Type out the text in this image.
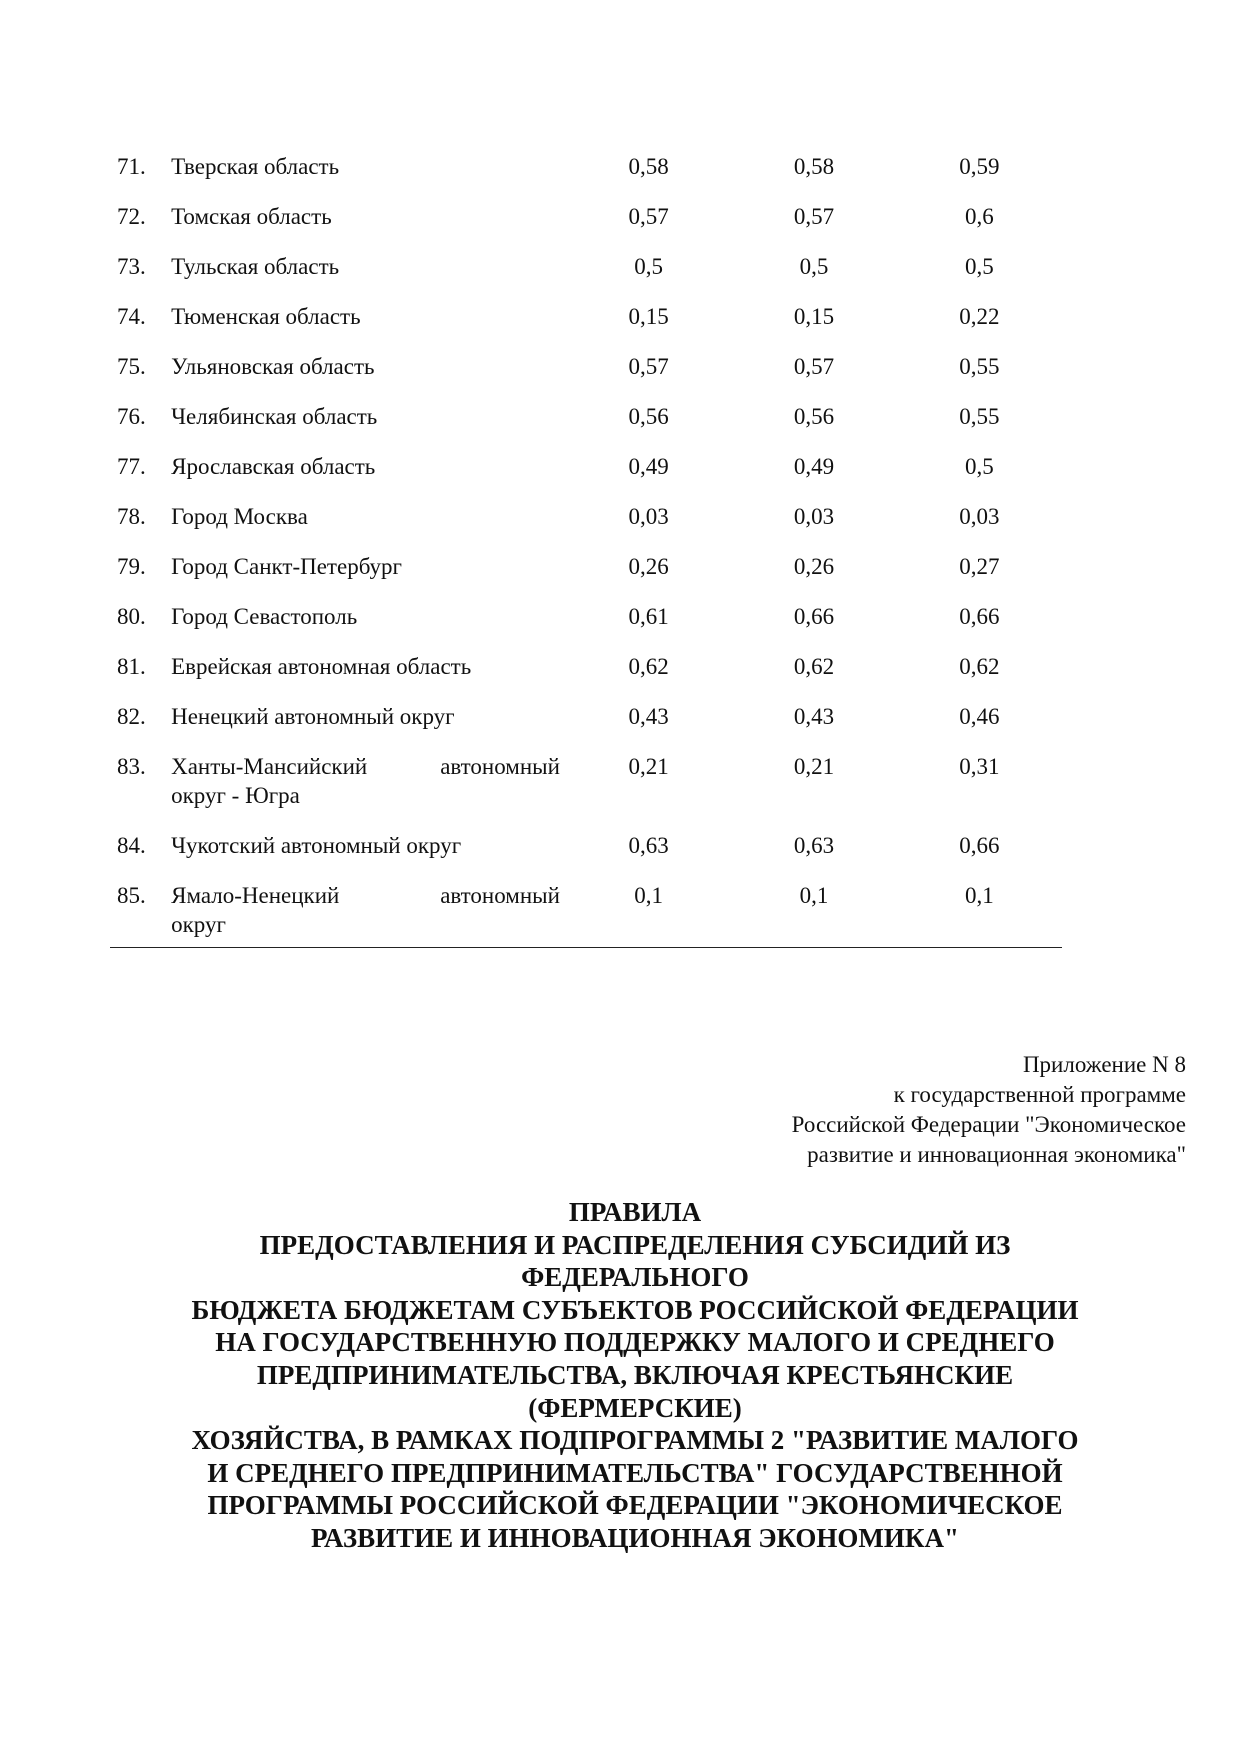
71.	Тверская область	0,58	0,58	0,59
72.	Томская область	0,57	0,57	0,6
73.	Тульская область	0,5	0,5	0,5
74.	Тюменская область	0,15	0,15	0,22
75.	Ульяновская область	0,57	0,57	0,55
76.	Челябинская область	0,56	0,56	0,55
77.	Ярославская область	0,49	0,49	0,5
78.	Город Москва	0,03	0,03	0,03
79.	Город Санкт-Петербург	0,26	0,26	0,27
80.	Город Севастополь	0,61	0,66	0,66
81.	Еврейская автономная область	0,62	0,62	0,62
82.	Ненецкий автономный округ	0,43	0,43	0,46
83.	Ханты-Мансийский автономный
округ - Югра	0,21	0,21	0,31
84.	Чукотский автономный округ	0,63	0,63	0,66
85.	Ямало-Ненецкий автономный
округ	0,1	0,1	0,1
Приложение N 8
к государственной программе
Российской Федерации "Экономическое
развитие и инновационная экономика"
ПРАВИЛА
ПРЕДОСТАВЛЕНИЯ И РАСПРЕДЕЛЕНИЯ СУБСИДИЙ ИЗ
ФЕДЕРАЛЬНОГО
БЮДЖЕТА БЮДЖЕТАМ СУБЪЕКТОВ РОССИЙСКОЙ ФЕДЕРАЦИИ
НА ГОСУДАРСТВЕННУЮ ПОДДЕРЖКУ МАЛОГО И СРЕДНЕГО
ПРЕДПРИНИМАТЕЛЬСТВА, ВКЛЮЧАЯ КРЕСТЬЯНСКИЕ
(ФЕРМЕРСКИЕ)
ХОЗЯЙСТВА, В РАМКАХ ПОДПРОГРАММЫ 2 "РАЗВИТИЕ МАЛОГО
И СРЕДНЕГО ПРЕДПРИНИМАТЕЛЬСТВА" ГОСУДАРСТВЕННОЙ
ПРОГРАММЫ РОССИЙСКОЙ ФЕДЕРАЦИИ "ЭКОНОМИЧЕСКОЕ
РАЗВИТИЕ И ИННОВАЦИОННАЯ ЭКОНОМИКА"
